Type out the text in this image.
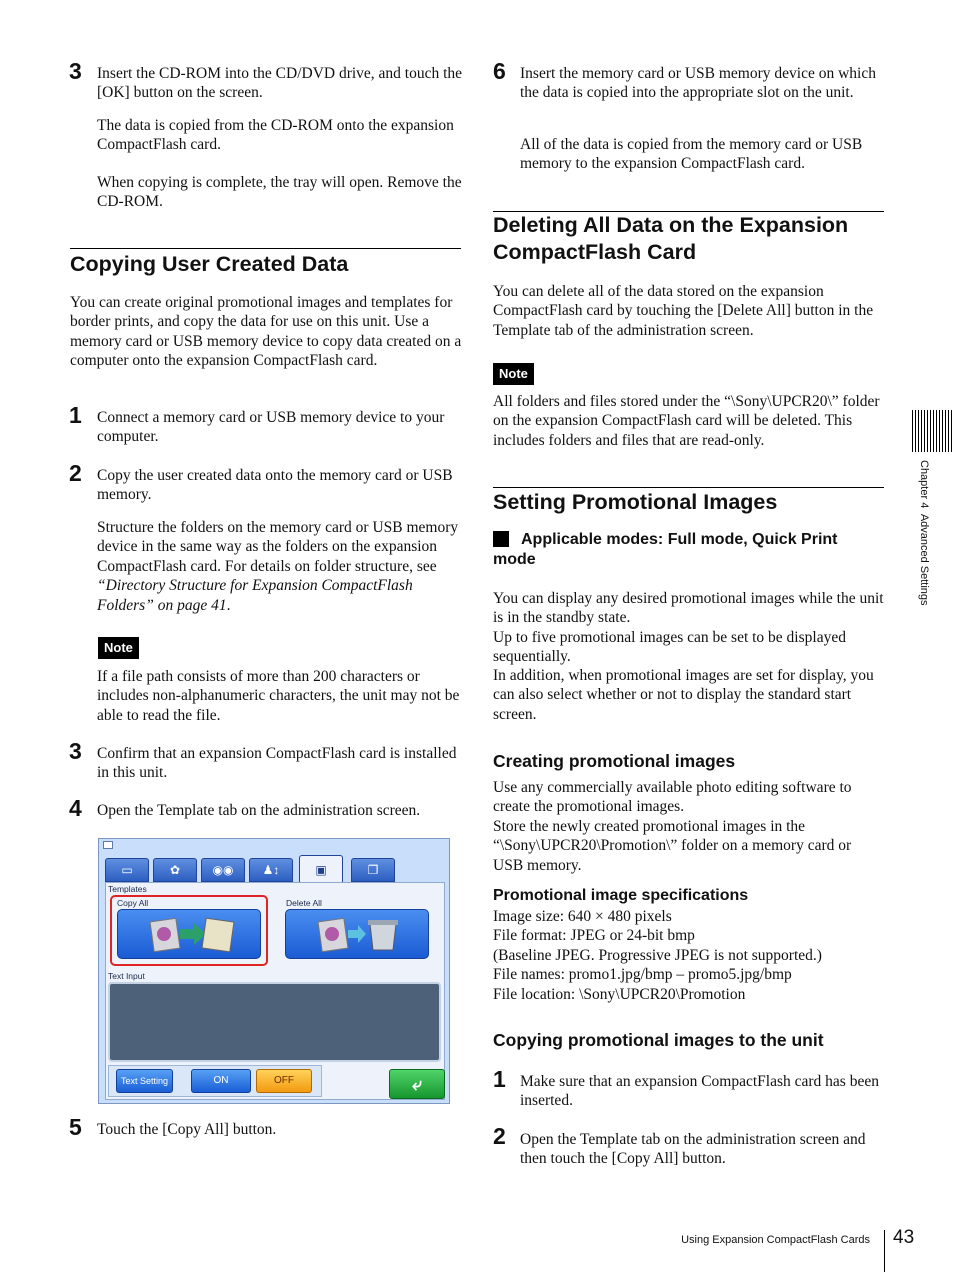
3 Insert the CD-ROM into the CD/DVD drive, and touch the [OK] button on the screen.
The data is copied from the CD-ROM onto the expansion CompactFlash card.
When copying is complete, the tray will open. Remove the CD-ROM.
Copying User Created Data
You can create original promotional images and templates for border prints, and copy the data for use on this unit. Use a memory card or USB memory device to copy data created on a computer onto the expansion CompactFlash card.
1 Connect a memory card or USB memory device to your computer.
2 Copy the user created data onto the memory card or USB memory.
Structure the folders on the memory card or USB memory device in the same way as the folders on the expansion CompactFlash card. For details on folder structure, see “Directory Structure for Expansion CompactFlash Folders” on page 41.
Note
If a file path consists of more than 200 characters or includes non-alphanumeric characters, the unit may not be able to read the file.
3 Confirm that an expansion CompactFlash card is installed in this unit.
4 Open the Template tab on the administration screen.
▭	✿	◉◉ ♟↕	▣	❐
Templates
Copy All	Delete All
Text Input
Text Setting	ON	OFF	⤶
5 Touch the [Copy All] button.
6 Insert the memory card or USB memory device on which the data is copied into the appropriate slot on the unit.
All of the data is copied from the memory card or USB memory to the expansion CompactFlash card.
Deleting All Data on the Expansion CompactFlash Card
You can delete all of the data stored on the expansion CompactFlash card by touching the [Delete All] button in the Template tab of the administration screen.
Note
All folders and files stored under the “\Sony\UPCR20\” folder on the expansion CompactFlash card will be deleted. This includes folders and files that are read-only.
Setting Promotional Images
Applicable modes: Full mode, Quick Print mode
You can display any desired promotional images while the unit is in the standby state.
Up to five promotional images can be set to be displayed sequentially.
In addition, when promotional images are set for display, you can also select whether or not to display the standard start screen.
Creating promotional images
Use any commercially available photo editing software to create the promotional images.
Store the newly created promotional images in the “\Sony\UPCR20\Promotion\” folder on a memory card or USB memory.
Promotional image specifications
Image size: 640 × 480 pixels
File format: JPEG or 24-bit bmp
(Baseline JPEG. Progressive JPEG is not supported.)
File names: promo1.jpg/bmp – promo5.jpg/bmp
File location: \Sony\UPCR20\Promotion
Copying promotional images to the unit
1 Make sure that an expansion CompactFlash card has been inserted.
2 Open the Template tab on the administration screen and then touch the [Copy All] button.
Chapter 4  Advanced Settings
Using Expansion CompactFlash Cards 43
